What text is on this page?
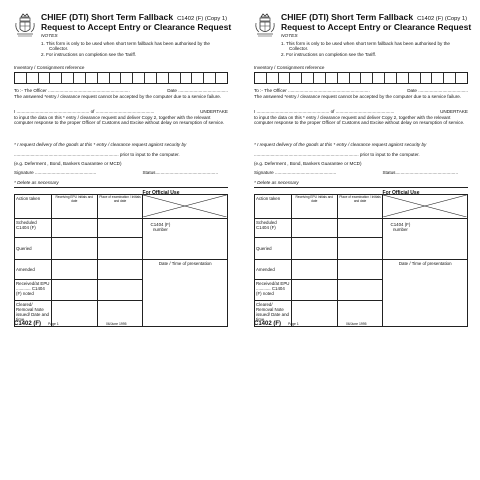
CHIEF (DTI) Short Term Fallback C1402 (F) (Copy 1)
Request to Accept Entry or Clearance Request
NOTES
1. This form is only to be used when short term fallback has been authorised by the Collector.
2. For instructions on completion see the Tariff.
Inventory / Consignment reference
To :- The Officer ................................................................	Date .......................................
The answered *entry / clearance request cannot be accepted by the computer due to a service failure.
I ......................................................... of ..............................................	UNDERTAKE
to input the data on this * entry / clearance request and deliver Copy 2, together with the relevant computer response to the proper Officer of Customs and Excise without delay on resumption of service.
* I request delivery of the goods at this * entry / clearance request against security by
.................................................................................. prior to input to the computer.
(e.g. Deferment , Bond, Bankers Guarantee or MCD)
Signature ................................................	Status.................................................
* Delete as necessary
For Official Use
Action taken	Receiving EPU Initials and date	Place of examination / Initials and date	
Scheduled C1404 (F)			C1404 (F) number

Queried			
Amended			Date / Time of presentation
Received/at EPU ............ C1404 (F) noted			
Cleared/ Removal Note issued/ Date and time			
C1402 (F) Page 1	06/June 1995
CHIEF (DTI) Short Term Fallback C1402 (F) (Copy 1)
Request to Accept Entry or Clearance Request
NOTES
1. This form is only to be used when short term fallback has been authorised by the Collector.
2. For instructions on completion see the Tariff.
Inventory / Consignment reference
To :- The Officer ................................................................	Date .......................................
The answered *entry / clearance request cannot be accepted by the computer due to a service failure.
I ......................................................... of ..............................................	UNDERTAKE
to input the data on this * entry / clearance request and deliver Copy 2, together with the relevant computer response to the proper Officer of Customs and Excise without delay on resumption of service.
* I request delivery of the goods at this * entry / clearance request against security by
.................................................................................. prior to input to the computer.
(e.g. Deferment , Bond, Bankers Guarantee or MCD)
Signature ................................................	Status.................................................
* Delete as necessary
For Official Use
Action taken	Receiving EPU Initials and date	Place of examination / Initials and date	
Scheduled C1404 (F)			C1404 (F) number

Queried			
Amended			Date / Time of presentation
Received/at EPU ............ C1404 (F) noted			
Cleared/ Removal Note issued/ Date and time			
C1402 (F) Page 1	06/June 1995
